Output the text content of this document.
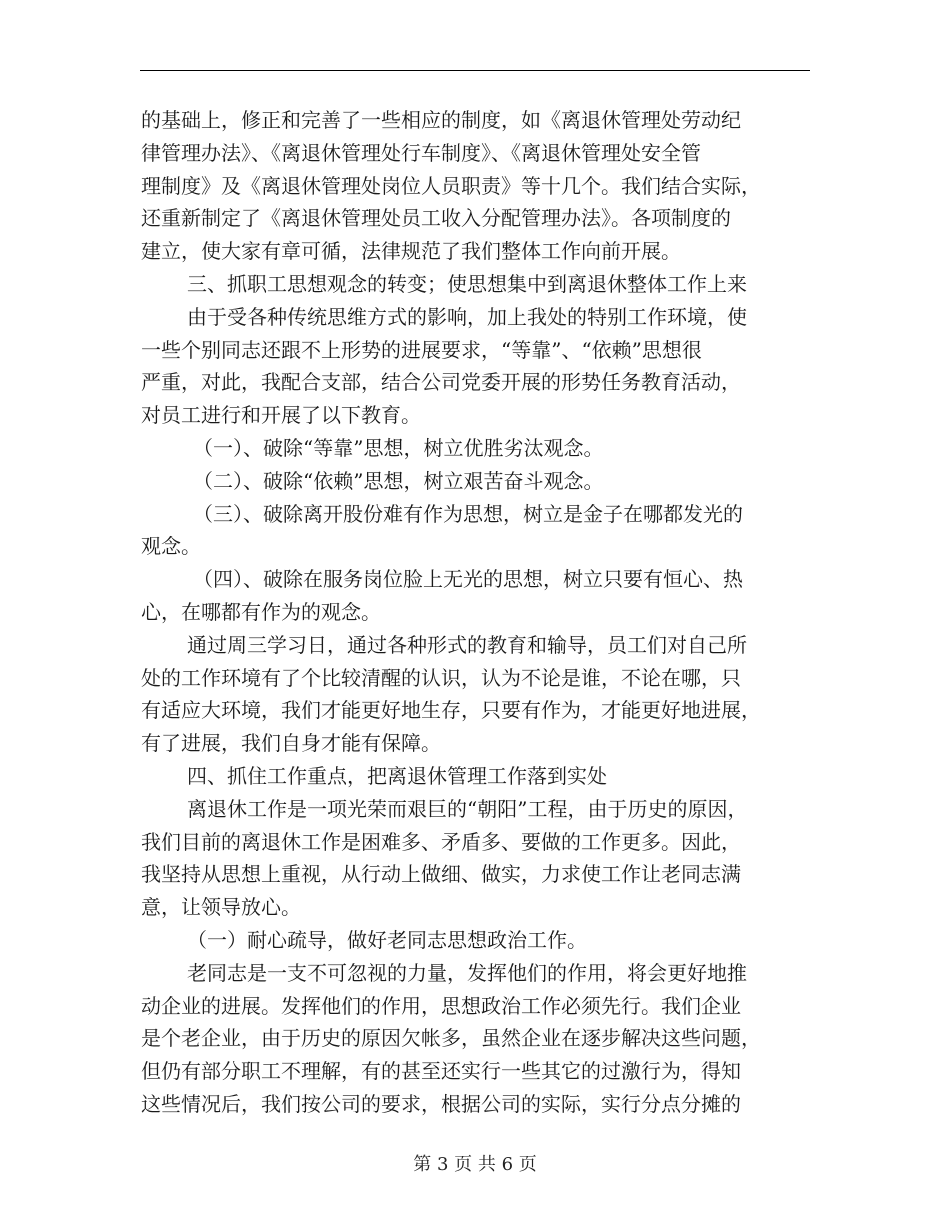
的基础上，修正和完善了一些相应的制度，如《离退休管理处劳动纪
律管理办法》、《离退休管理处行车制度》、《离退休管理处安全管
理制度》及《离退休管理处岗位人员职责》等十几个。我们结合实际，
还重新制定了《离退休管理处员工收入分配管理办法》。各项制度的
建立，使大家有章可循，法律规范了我们整体工作向前开展。
三、抓职工思想观念的转变；使思想集中到离退休整体工作上来
由于受各种传统思维方式的影响，加上我处的特别工作环境，使
一些个别同志还跟不上形势的进展要求，“等靠”、“依赖”思想很
严重，对此，我配合支部，结合公司党委开展的形势任务教育活动，
对员工进行和开展了以下教育。
（一）、破除“等靠”思想，树立优胜劣汰观念。
（二）、破除“依赖”思想，树立艰苦奋斗观念。
（三）、破除离开股份难有作为思想，树立是金子在哪都发光的
观念。
（四）、破除在服务岗位脸上无光的思想，树立只要有恒心、热
心，在哪都有作为的观念。
通过周三学习日，通过各种形式的教育和输导，员工们对自己所
处的工作环境有了个比较清醒的认识，认为不论是谁，不论在哪，只
有适应大环境，我们才能更好地生存，只要有作为，才能更好地进展，
有了进展，我们自身才能有保障。
四、抓住工作重点，把离退休管理工作落到实处
离退休工作是一项光荣而艰巨的“朝阳”工程，由于历史的原因，
我们目前的离退休工作是困难多、矛盾多、要做的工作更多。因此，
我坚持从思想上重视，从行动上做细、做实，力求使工作让老同志满
意，让领导放心。
（一）耐心疏导，做好老同志思想政治工作。
老同志是一支不可忽视的力量，发挥他们的作用，将会更好地推
动企业的进展。发挥他们的作用，思想政治工作必须先行。我们企业
是个老企业，由于历史的原因欠帐多，虽然企业在逐步解决这些问题，
但仍有部分职工不理解，有的甚至还实行一些其它的过激行为，得知
这些情况后，我们按公司的要求，根据公司的实际，实行分点分摊的
第 3 页 共 6 页
